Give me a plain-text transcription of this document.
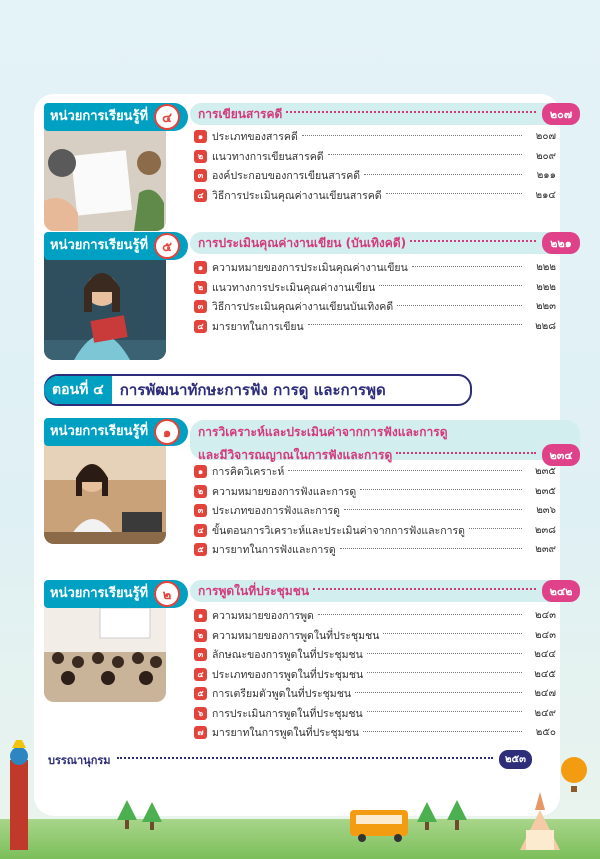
หน่วยการเรียนรู้ที่	๔	การเขียนสารคดี	๒๐๗
๑ ประเภทของสารคดี	๒๐๗
๒ แนวทางการเขียนสารคดี	๒๐๙
๓ องค์ประกอบของการเขียนสารคดี	๒๑๑
๔ วิธีการประเมินคุณค่างานเขียนสารคดี	๒๑๔
หน่วยการเรียนรู้ที่	๕	การประเมินคุณค่างานเขียน (บันเทิงคดี)	๒๒๑
๑ ความหมายของการประเมินคุณค่างานเขียน	๒๒๒
๒ แนวทางการประเมินคุณค่างานเขียน	๒๒๒
๓ วิธีการประเมินคุณค่างานเขียนบันเทิงคดี	๒๒๓
๔ มารยาทในการเขียน	๒๒๘
ตอนที่ ๔	การพัฒนาทักษะการฟัง การดู และการพูด
หน่วยการเรียนรู้ที่	๑	การวิเคราะห์และประเมินค่าจากการฟังและการดู
และมีวิจารณญาณในการฟังและการดู	๒๓๔
๑ การคิดวิเคราะห์	๒๓๕
๒ ความหมายของการฟังและการดู	๒๓๕
๓ ประเภทของการฟังและการดู	๒๓๖
๔ ขั้นตอนการวิเคราะห์และประเมินค่าจากการฟังและการดู	๒๓๘
๕ มารยาทในการฟังและการดู	๒๓๙
หน่วยการเรียนรู้ที่	๒	การพูดในที่ประชุมชน	๒๔๒
๑ ความหมายของการพูด	๒๔๓
๒ ความหมายของการพูดในที่ประชุมชน	๒๔๓
๓ ลักษณะของการพูดในที่ประชุมชน	๒๔๔
๔ ประเภทของการพูดในที่ประชุมชน	๒๔๕
๕ การเตรียมตัวพูดในที่ประชุมชน	๒๔๗
๖ การประเมินการพูดในที่ประชุมชน	๒๔๙
๗ มารยาทในการพูดในที่ประชุมชน	๒๕๐
บรรณานุกรม	๒๕๓
